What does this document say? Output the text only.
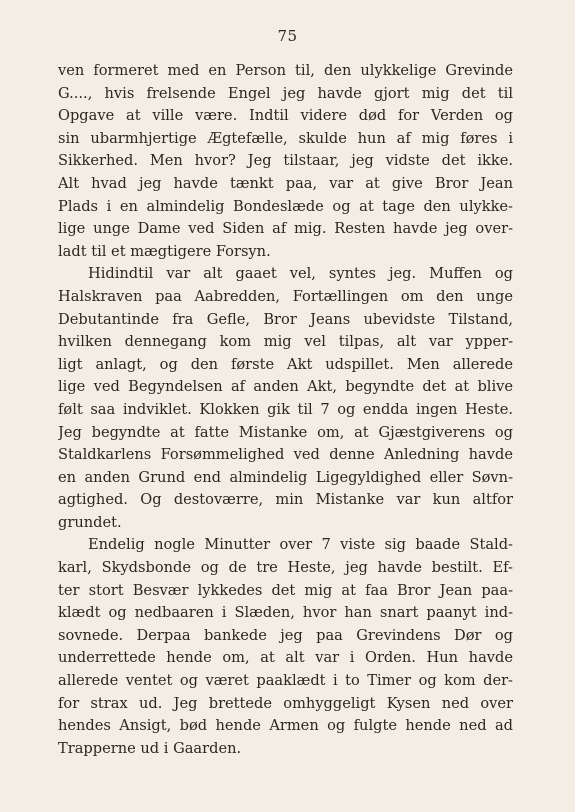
75
ven formeret med en Person til, den ulykkelige Grevinde
G...., hvis frelsende Engel jeg havde gjort mig det til
Opgave at ville være. Indtil videre død for Verden og
sin ubarmhjertige Ægtefælle, skulde hun af mig føres i
Sikkerhed. Men hvor? Jeg tilstaar, jeg vidste det ikke.
Alt hvad jeg havde tænkt paa, var at give Bror Jean
Plads i en almindelig Bondeslæde og at tage den ulykke-
lige unge Dame ved Siden af mig. Resten havde jeg over-
ladt til et mægtigere Forsyn.
Hidindtil var alt gaaet vel, syntes jeg. Muffen og
Halskraven paa Aabredden, Fortællingen om den unge
Debutantinde fra Gefle, Bror Jeans ubevidste Tilstand,
hvilken dennegang kom mig vel tilpas, alt var ypper-
ligt anlagt, og den første Akt udspillet. Men allerede
lige ved Begyndelsen af anden Akt, begyndte det at blive
følt saa indviklet. Klokken gik til 7 og endda ingen Heste.
Jeg begyndte at fatte Mistanke om, at Gjæstgiverens og
Staldkarlens Forsømmelighed ved denne Anledning havde
en anden Grund end almindelig Ligegyldighed eller Søvn-
agtighed. Og destoværre, min Mistanke var kun altfor
grundet.
Endelig nogle Minutter over 7 viste sig baade Stald-
karl, Skydsbonde og de tre Heste, jeg havde bestilt. Ef-
ter stort Besvær lykkedes det mig at faa Bror Jean paa-
klædt og nedbaaren i Slæden, hvor han snart paanyt ind-
sovnede. Derpaa bankede jeg paa Grevindens Dør og
underrettede hende om, at alt var i Orden. Hun havde
allerede ventet og været paaklædt i to Timer og kom der-
for strax ud. Jeg brettede omhyggeligt Kysen ned over
hendes Ansigt, bød hende Armen og fulgte hende ned ad
Trapperne ud i Gaarden.
